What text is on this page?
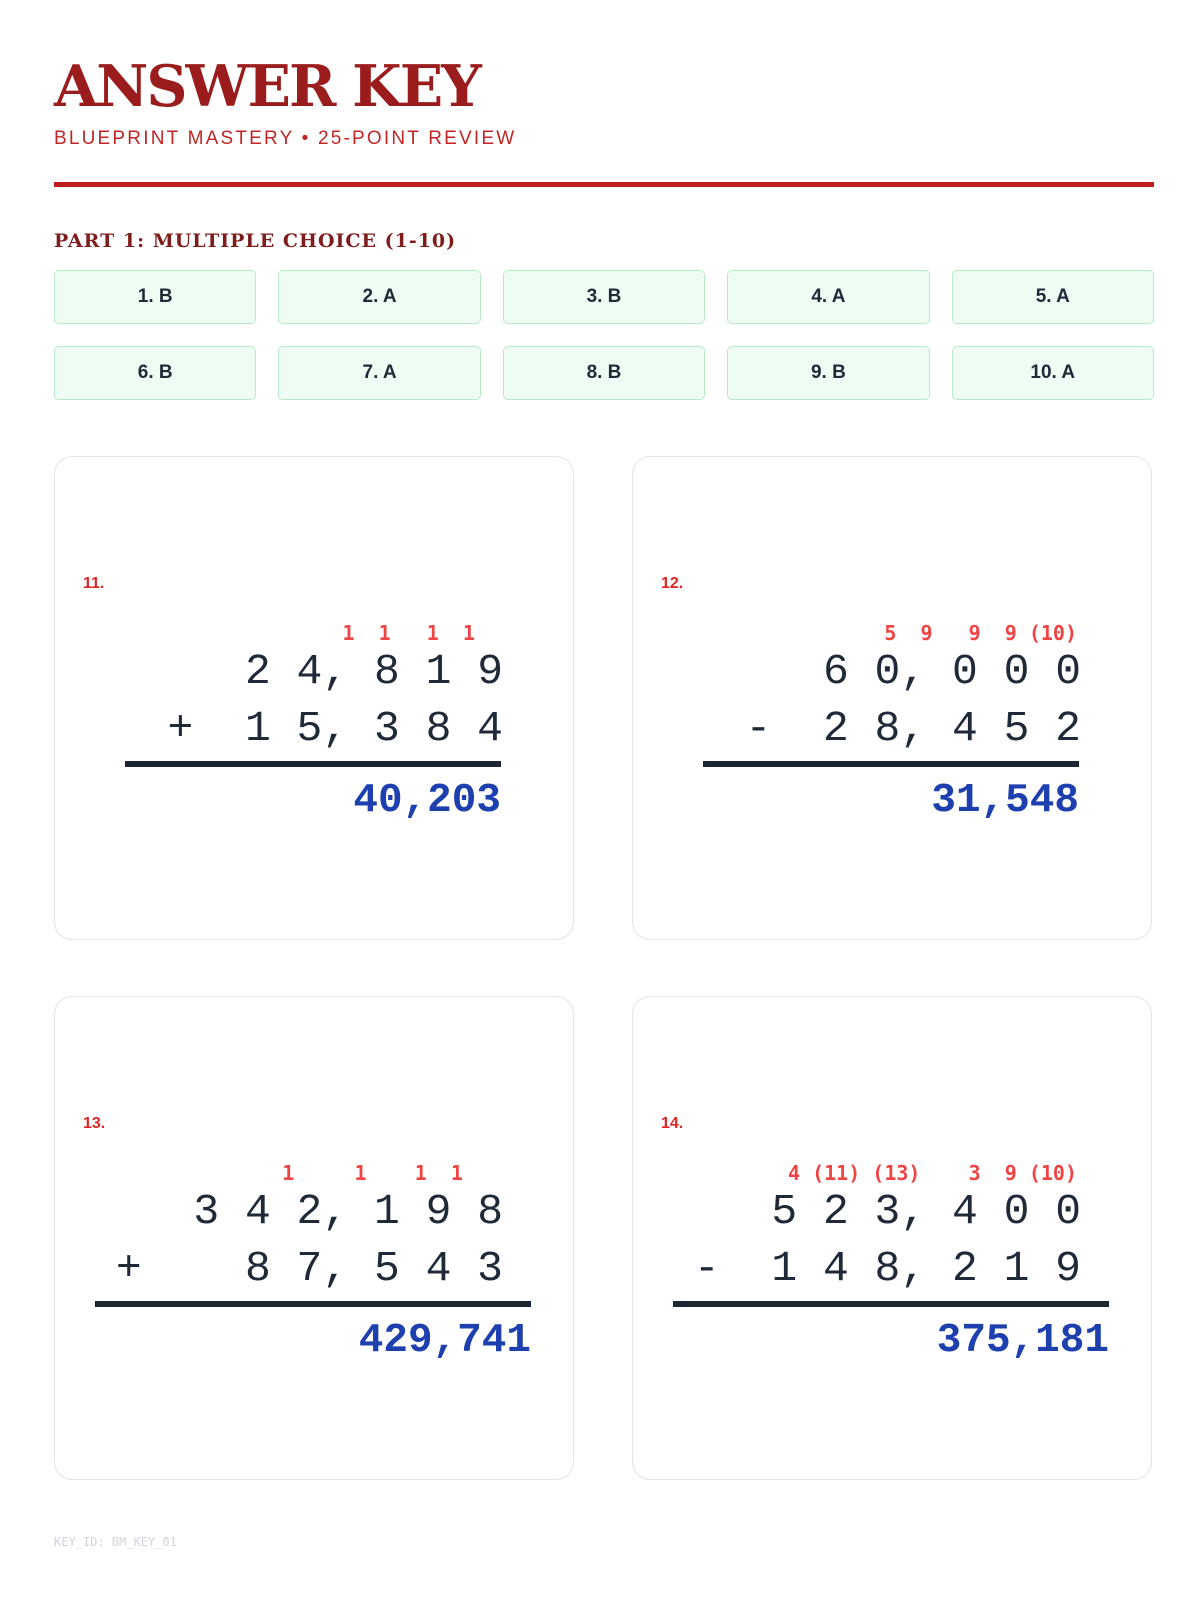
ANSWER KEY
BLUEPRINT MASTERY • 25-POINT REVIEW
PART 1: MULTIPLE CHOICE (1-10)
1. B	2. A	3. B	4. A	5. A
6. B	7. A	8. B	9. B	10. A
11.
1  1   1  1
2 4, 8 1 9
+  1 5, 3 8 4
40,203
12.
5  9   9  9 (10)
6 0, 0 0 0
-  2 8, 4 5 2
31,548
13.
1     1    1  1
3 4 2, 1 9 8
+    8 7, 5 4 3
429,741
14.
4 (11) (13)    3  9 (10)
5 2 3, 4 0 0
-  1 4 8, 2 1 9
375,181
KEY_ID: BM_KEY_01
